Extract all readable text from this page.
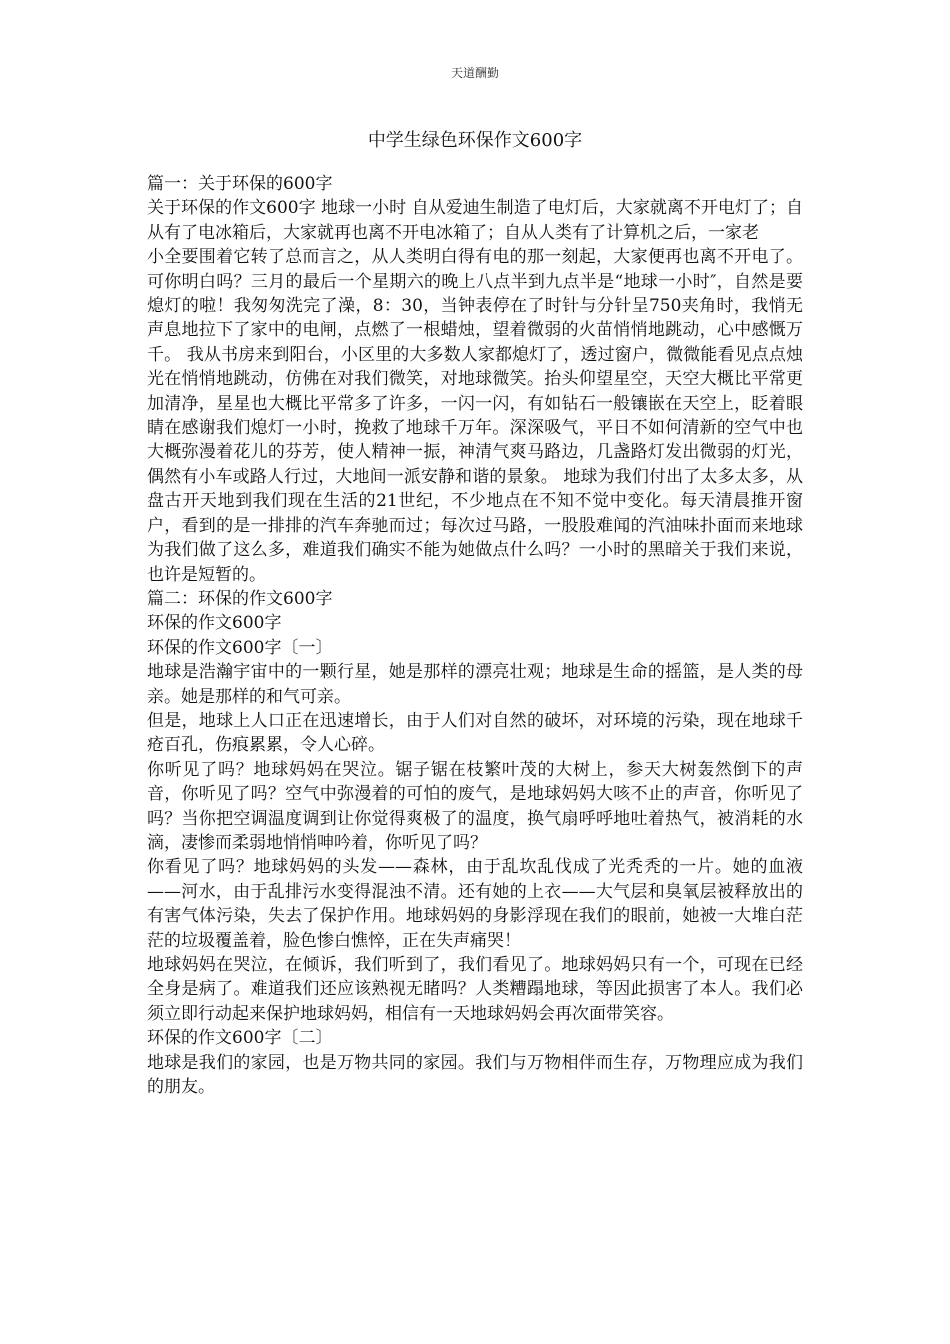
天道酬勤
中学生绿色环保作文600字

篇一：关于环保的600字

关于环保的作文600字 地球一小时 自从爱迪生制造了电灯后，大家就离不开电灯了；自从有了电冰箱后，大家就再也离不开电冰箱了；自从人类有了计算机之后，一家老

小全要围着它转了总而言之，从人类明白得有电的那一刻起，大家便再也离不开电了。 可你明白吗？三月的最后一个星期六的晚上八点半到九点半是“地球一小时″，自然是要熄灯的啦！我匆匆洗完了澡，8：30，当钟表停在了时针与分针呈750夹角时，我悄无声息地拉下了家中的电闸，点燃了一根蜡烛，望着微弱的火苗悄悄地跳动，心中感慨万千。 我从书房来到阳台，小区里的大多数人家都熄灯了，透过窗户，微微能看见点点烛光在悄悄地跳动，仿佛在对我们微笑，对地球微笑。抬头仰望星空，天空大概比平常更加清净，星星也大概比平常多了许多，一闪一闪，有如钻石一般镶嵌在天空上，眨着眼睛在感谢我们熄灯一小时，挽救了地球千万年。深深吸气，平日不如何清新的空气中也大概弥漫着花儿的芬芳，使人精神一振，神清气爽马路边，几盏路灯发出微弱的灯光，偶然有小车或路人行过，大地间一派安静和谐的景象。 地球为我们付出了太多太多，从盘古开天地到我们现在生活的21世纪，不少地点在不知不觉中变化。每天清晨推开窗户，看到的是一排排的汽车奔驰而过；每次过马路，一股股难闻的汽油味扑面而来地球为我们做了这么多，难道我们确实不能为她做点什么吗？一小时的黑暗关于我们来说，也许是短暂的。

篇二：环保的作文600字

环保的作文600字

环保的作文600字〔一〕

地球是浩瀚宇宙中的一颗行星，她是那样的漂亮壮观；地球是生命的摇篮，是人类的母亲。她是那样的和气可亲。

但是，地球上人口正在迅速增长，由于人们对自然的破坏，对环境的污染，现在地球千疮百孔，伤痕累累，令人心碎。

你听见了吗？地球妈妈在哭泣。锯子锯在枝繁叶茂的大树上，参天大树轰然倒下的声音，你听见了吗？空气中弥漫着的可怕的废气，是地球妈妈大咳不止的声音，你听见了吗？当你把空调温度调到让你觉得爽极了的温度，换气扇呼呼地吐着热气，被消耗的水滴，凄惨而柔弱地悄悄呻吟着，你听见了吗？

你看见了吗？地球妈妈的头发——森林，由于乱坎乱伐成了光秃秃的一片。她的血液——河水，由于乱排污水变得混浊不清。还有她的上衣——大气层和臭氧层被释放出的有害气体污染，失去了保护作用。地球妈妈的身影浮现在我们的眼前，她被一大堆白茫茫的垃圾覆盖着，脸色惨白憔悴，正在失声痛哭！

地球妈妈在哭泣，在倾诉，我们听到了，我们看见了。地球妈妈只有一个，可现在已经全身是病了。难道我们还应该熟视无睹吗？人类糟蹋地球，等因此损害了本人。我们必须立即行动起来保护地球妈妈，相信有一天地球妈妈会再次面带笑容。

环保的作文600字〔二〕

地球是我们的家园，也是万物共同的家园。我们与万物相伴而生存，万物理应成为我们的朋友。
